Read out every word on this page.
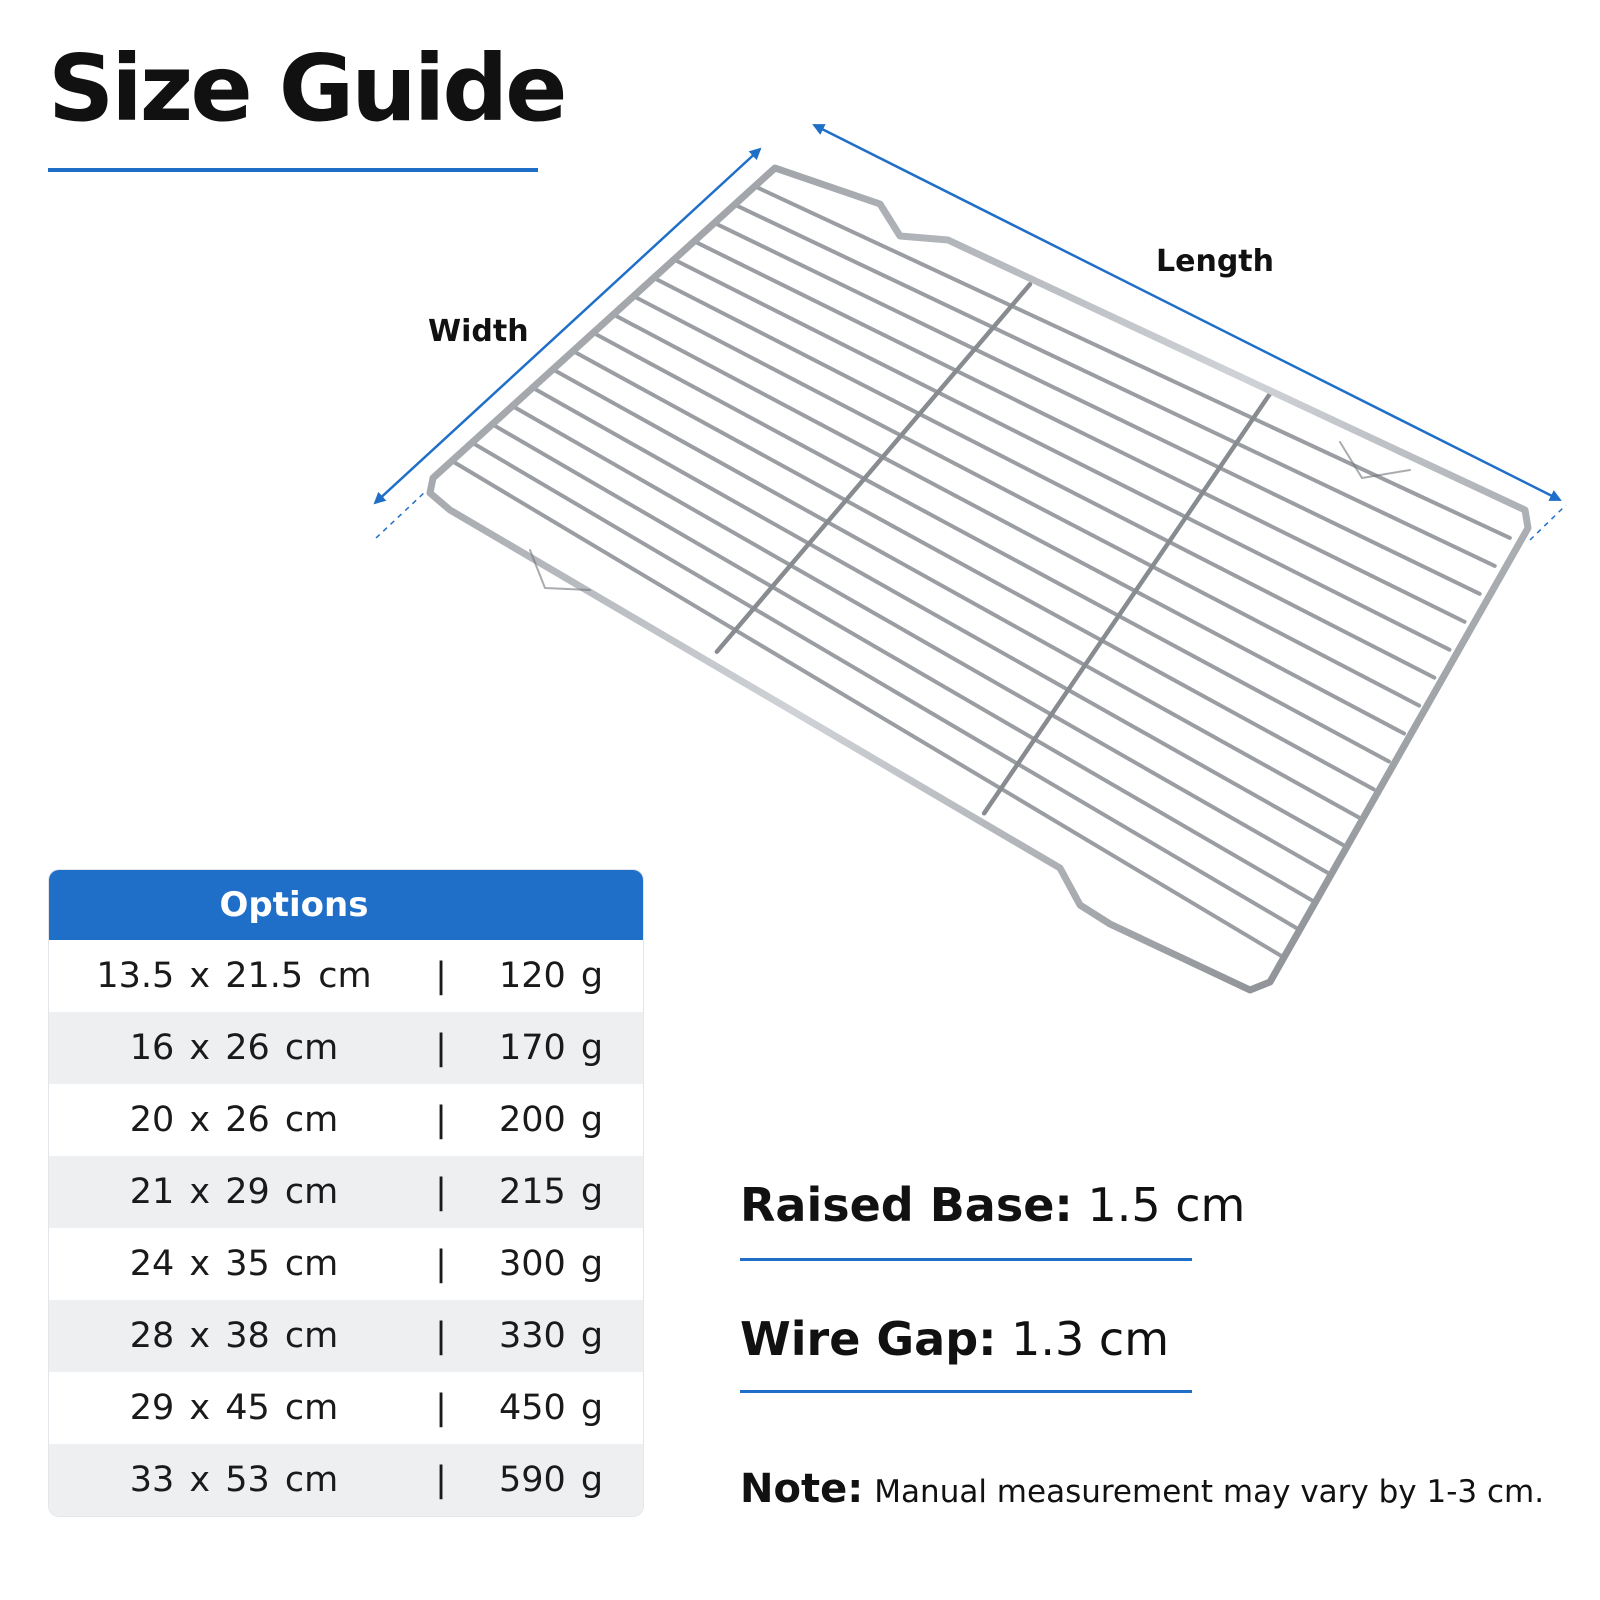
Size Guide
Width
Length
Options
13.5 x 21.5 cm	|	120 g
16 x 26 cm	|	170 g
20 x 26 cm	|	200 g
21 x 29 cm	|	215 g
24 x 35 cm	|	300 g
28 x 38 cm	|	330 g
29 x 45 cm	|	450 g
33 x 53 cm	|	590 g
Raised Base: 1.5 cm
Wire Gap: 1.3 cm
Note: Manual measurement may vary by 1-3 cm.
